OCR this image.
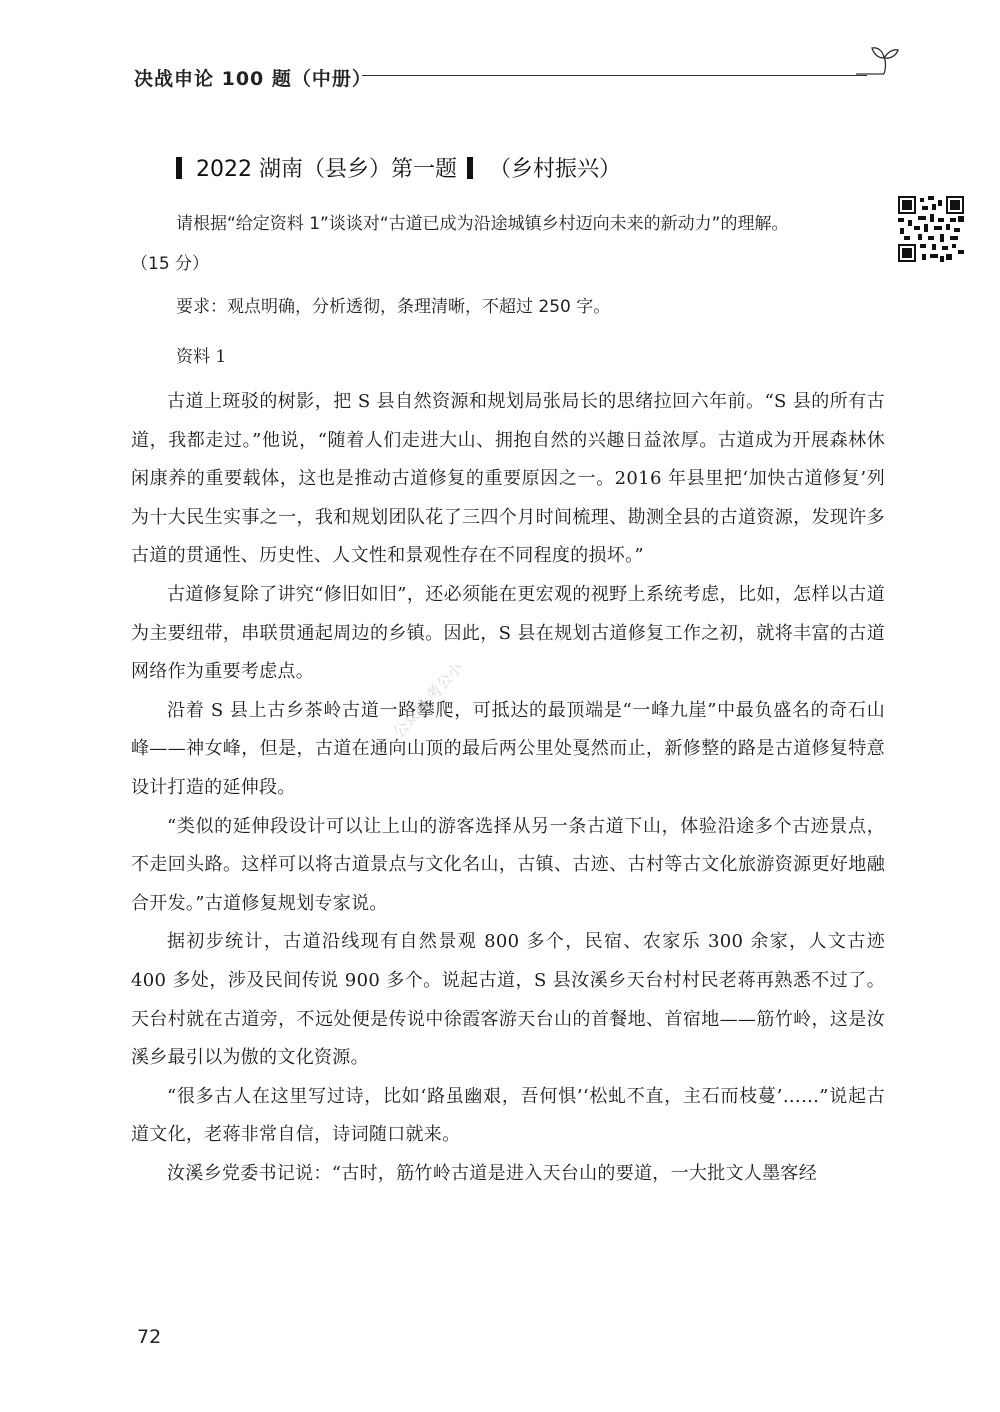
决战申论 100 题（中册）
2022 湖南（县乡）第一题 （乡村振兴）
请根据“给定资料 1”谈谈对“古道已成为沿途城镇乡村迈向未来的新动力”的理解。
（15 分）
要求：观点明确，分析透彻，条理清晰，不超过 250 字。
资料 1

古道上斑驳的树影，把 S 县自然资源和规划局张局长的思绪拉回六年前。“S 县的所有古道，我都走过。”他说，“随着人们走进大山、拥抱自然的兴趣日益浓厚。古道成为开展森林休闲康养的重要载体，这也是推动古道修复的重要原因之一。2016 年县里把‘加快古道修复’列为十大民生实事之一，我和规划团队花了三四个月时间梳理、勘测全县的古道资源，发现许多古道的贯通性、历史性、人文性和景观性存在不同程度的损坏。”

古道修复除了讲究“修旧如旧”，还必须能在更宏观的视野上系统考虑，比如，怎样以古道为主要纽带，串联贯通起周边的乡镇。因此，S 县在规划古道修复工作之初，就将丰富的古道网络作为重要考虑点。

沿着 S 县上古乡茶岭古道一路攀爬，可抵达的最顶端是“一峰九崖”中最负盛名的奇石山峰——神女峰，但是，古道在通向山顶的最后两公里处戛然而止，新修整的路是古道修复特意设计打造的延伸段。

“类似的延伸段设计可以让上山的游客选择从另一条古道下山，体验沿途多个古迹景点，不走回头路。这样可以将古道景点与文化名山，古镇、古迹、古村等古文化旅游资源更好地融合开发。”古道修复规划专家说。

据初步统计，古道沿线现有自然景观 800 多个，民宿、农家乐 300 余家，人文古迹 400 多处，涉及民间传说 900 多个。说起古道，S 县汝溪乡天台村村民老蒋再熟悉不过了。天台村就在古道旁，不远处便是传说中徐霞客游天台山的首餐地、首宿地——筋竹岭，这是汝溪乡最引以为傲的文化资源。

“很多古人在这里写过诗，比如‘路虽幽艰，吾何惧’‘松虬不直，主石而枝蔓’……”说起古道文化，老蒋非常自信，诗词随口就来。

汝溪乡党委书记说：“古时，筋竹岭古道是进入天台山的要道，一大批文人墨客经

公众号 考公小
72
